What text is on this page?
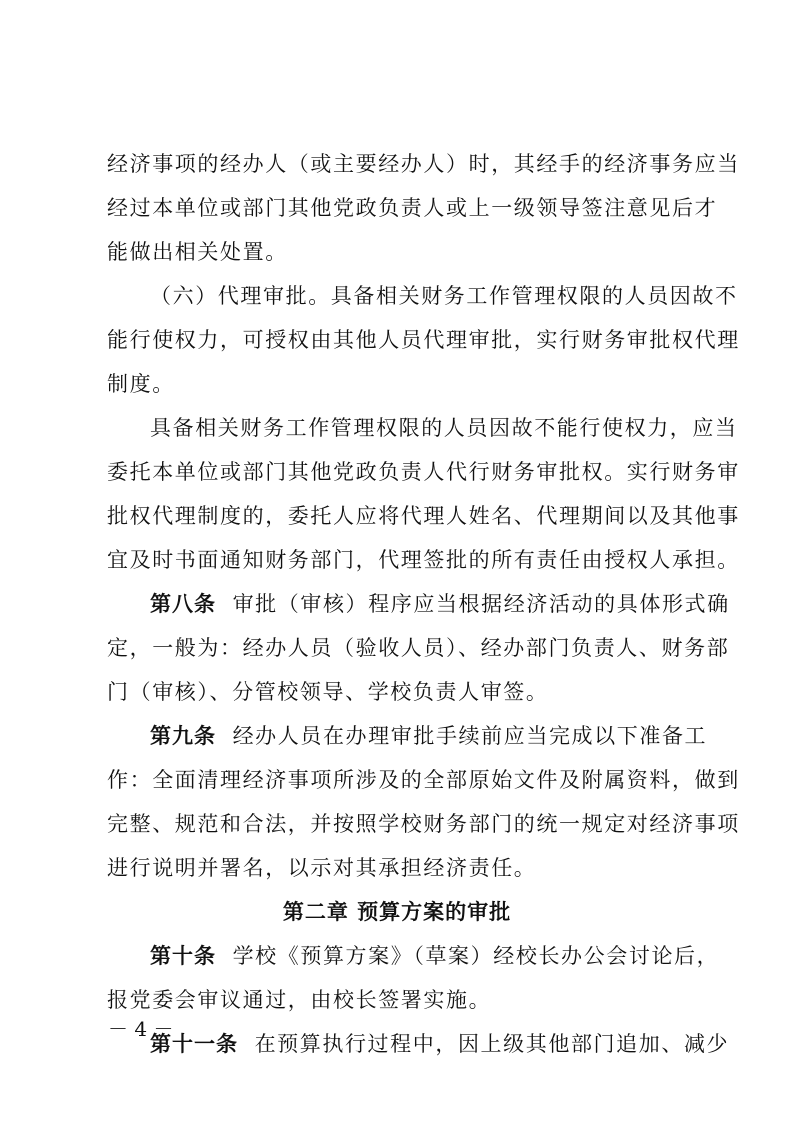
经济事项的经办人（或主要经办人）时，其经手的经济事务应当
经过本单位或部门其他党政负责人或上一级领导签注意见后才
能做出相关处置。
（六）代理审批。具备相关财务工作管理权限的人员因故不
能行使权力，可授权由其他人员代理审批，实行财务审批权代理
制度。
具备相关财务工作管理权限的人员因故不能行使权力，应当
委托本单位或部门其他党政负责人代行财务审批权。实行财务审
批权代理制度的，委托人应将代理人姓名、代理期间以及其他事
宜及时书面通知财务部门，代理签批的所有责任由授权人承担。
第八条 审批（审核）程序应当根据经济活动的具体形式确
定，一般为：经办人员（验收人员）、经办部门负责人、财务部
门（审核）、分管校领导、学校负责人审签。
第九条 经办人员在办理审批手续前应当完成以下准备工
作：全面清理经济事项所涉及的全部原始文件及附属资料，做到
完整、规范和合法，并按照学校财务部门的统一规定对经济事项
进行说明并署名，以示对其承担经济责任。
第二章 预算方案的审批
第十条 学校《预算方案》（草案）经校长办公会讨论后，
报党委会审议通过，由校长签署实施。
第十一条 在预算执行过程中，因上级其他部门追加、减少
－ 4 －
